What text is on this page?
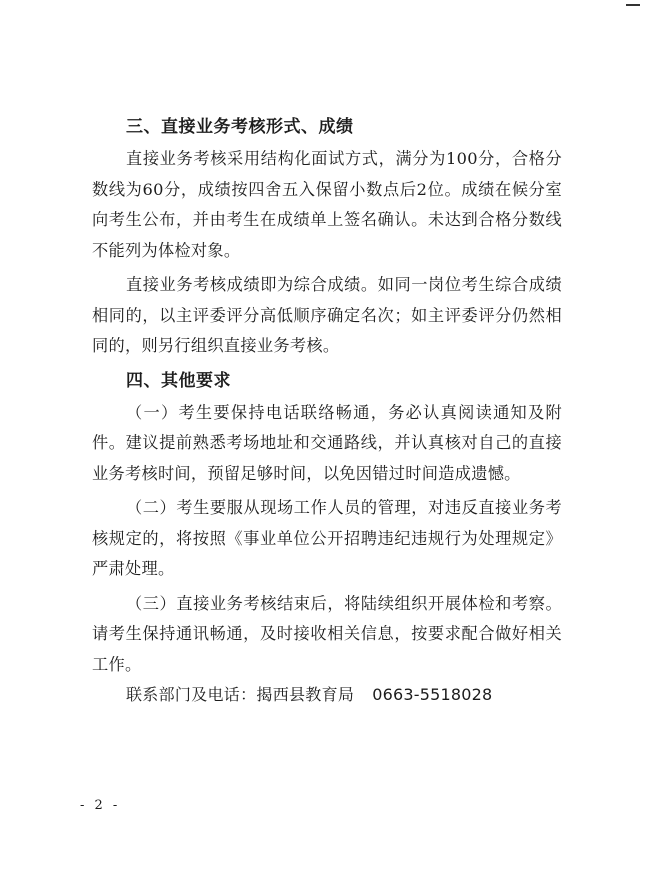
三、直接业务考核形式、成绩

直接业务考核采用结构化面试方式，满分为100分，合格分数线为60分，成绩按四舍五入保留小数点后2位。成绩在候分室向考生公布，并由考生在成绩单上签名确认。未达到合格分数线不能列为体检对象。

直接业务考核成绩即为综合成绩。如同一岗位考生综合成绩相同的，以主评委评分高低顺序确定名次；如主评委评分仍然相同的，则另行组织直接业务考核。

四、其他要求

（一）考生要保持电话联络畅通，务必认真阅读通知及附件。建议提前熟悉考场地址和交通路线，并认真核对自己的直接业务考核时间，预留足够时间，以免因错过时间造成遗憾。

（二）考生要服从现场工作人员的管理，对违反直接业务考核规定的，将按照《事业单位公开招聘违纪违规行为处理规定》严肃处理。

（三）直接业务考核结束后，将陆续组织开展体检和考察。请考生保持通讯畅通，及时接收相关信息，按要求配合做好相关工作。

联系部门及电话：揭西县教育局 0663-5518028
- 2 -
